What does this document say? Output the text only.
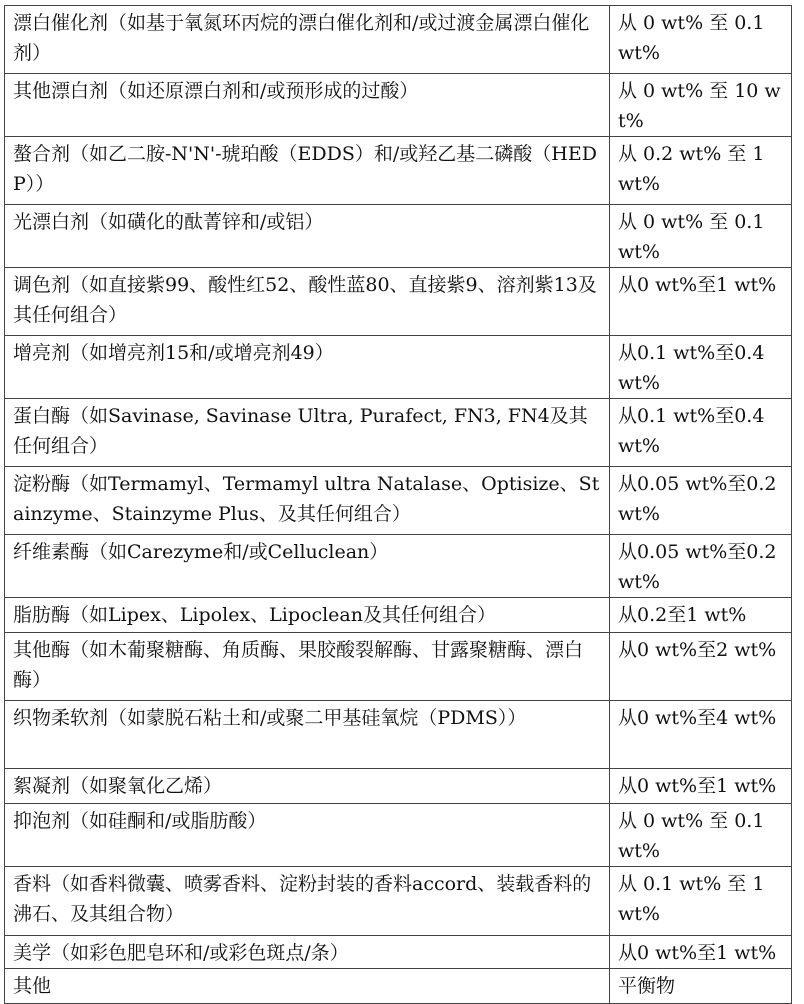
漂白催化剂（如基于氧氮环丙烷的漂白催化剂和/或过渡金属漂白催化剂）	从 0 wt% 至 0.1 wt%
其他漂白剂（如还原漂白剂和/或预形成的过酸）	从 0 wt% 至 10 wt%
螯合剂（如乙二胺-N'N'-琥珀酸（EDDS）和/或羟乙基二磷酸（HEDP））	从 0.2 wt% 至 1 wt%
光漂白剂（如磺化的酞菁锌和/或铝）	从 0 wt% 至 0.1 wt%
调色剂（如直接紫99、酸性红52、酸性蓝80、直接紫9、溶剂紫13及其任何组合）	从0 wt%至1 wt%
增亮剂（如增亮剂15和/或增亮剂49）	从0.1 wt%至0.4 wt%
蛋白酶（如Savinase, Savinase Ultra, Purafect, FN3, FN4及其任何组合）	从0.1 wt%至0.4 wt%
淀粉酶（如Termamyl、Termamyl ultra Natalase、Optisize、Stainzyme、Stainzyme Plus、及其任何组合）	从0.05 wt%至0.2 wt%
纤维素酶（如Carezyme和/或Celluclean）	从0.05 wt%至0.2 wt%
脂肪酶（如Lipex、Lipolex、Lipoclean及其任何组合）	从0.2至1 wt%
其他酶（如木葡聚糖酶、角质酶、果胶酸裂解酶、甘露聚糖酶、漂白酶）	从0 wt%至2 wt%
织物柔软剂（如蒙脱石粘土和/或聚二甲基硅氧烷（PDMS））	从0 wt%至4 wt%
絮凝剂（如聚氧化乙烯）	从0 wt%至1 wt%
抑泡剂（如硅酮和/或脂肪酸）	从 0 wt% 至 0.1 wt%
香料（如香料微囊、喷雾香料、淀粉封装的香料accord、装载香料的沸石、及其组合物）	从 0.1 wt% 至 1 wt%
美学（如彩色肥皂环和/或彩色斑点/条）	从0 wt%至1 wt%
其他	平衡物
